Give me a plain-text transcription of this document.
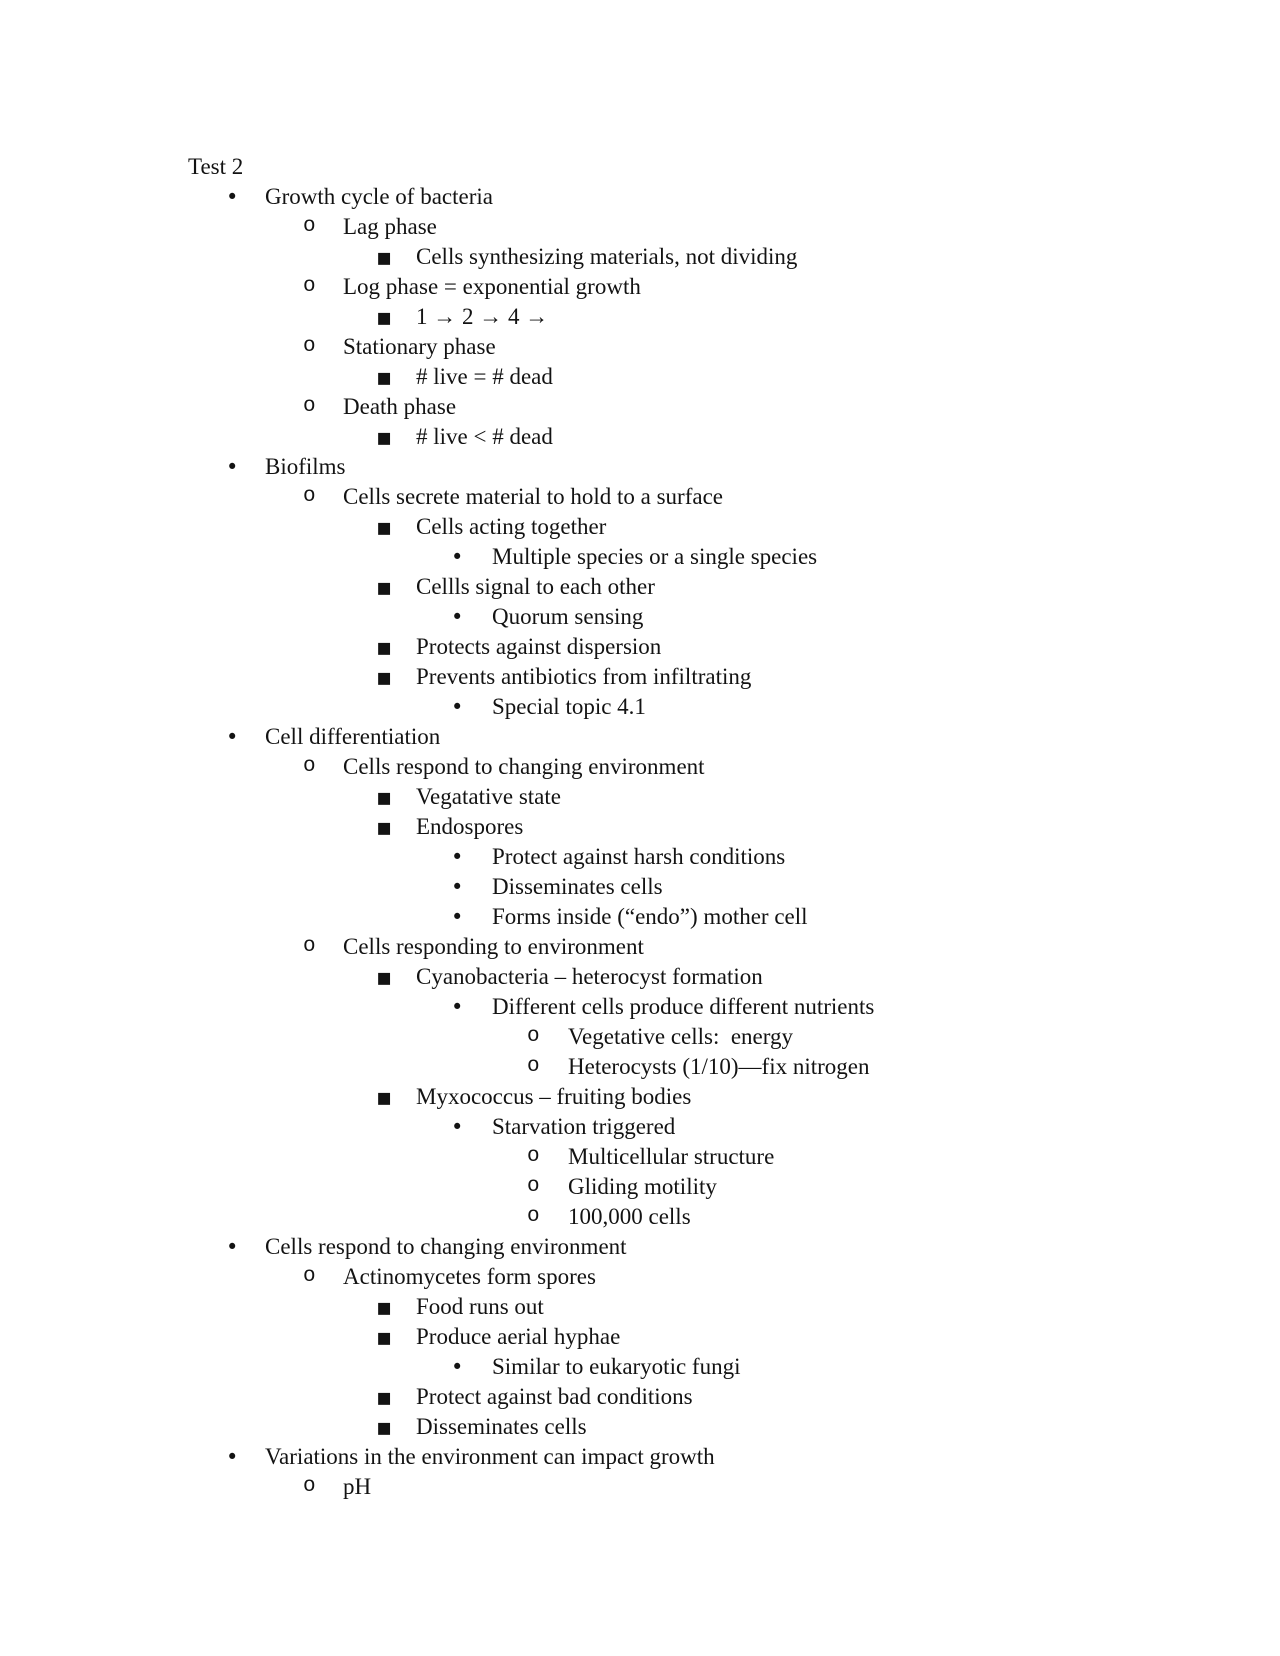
Test 2
• Growth cycle of bacteria
o Lag phase
▪ Cells synthesizing materials, not dividing
o Log phase = exponential growth
▪ 1 → 2 → 4 →
o Stationary phase
▪ # live = # dead
o Death phase
▪ # live < # dead
• Biofilms
o Cells secrete material to hold to a surface
▪ Cells acting together
• Multiple species or a single species
▪ Cellls signal to each other
• Quorum sensing
▪ Protects against dispersion
▪ Prevents antibiotics from infiltrating
• Special topic 4.1
• Cell differentiation
o Cells respond to changing environment
▪ Vegatative state
▪ Endospores
• Protect against harsh conditions
• Disseminates cells
• Forms inside (“endo”) mother cell
o Cells responding to environment
▪ Cyanobacteria – heterocyst formation
• Different cells produce different nutrients
o Vegetative cells:  energy
o Heterocysts (1/10)—fix nitrogen
▪ Myxococcus – fruiting bodies
• Starvation triggered
o Multicellular structure
o Gliding motility
o 100,000 cells
• Cells respond to changing environment
o Actinomycetes form spores
▪ Food runs out
▪ Produce aerial hyphae
• Similar to eukaryotic fungi
▪ Protect against bad conditions
▪ Disseminates cells
• Variations in the environment can impact growth
o pH
